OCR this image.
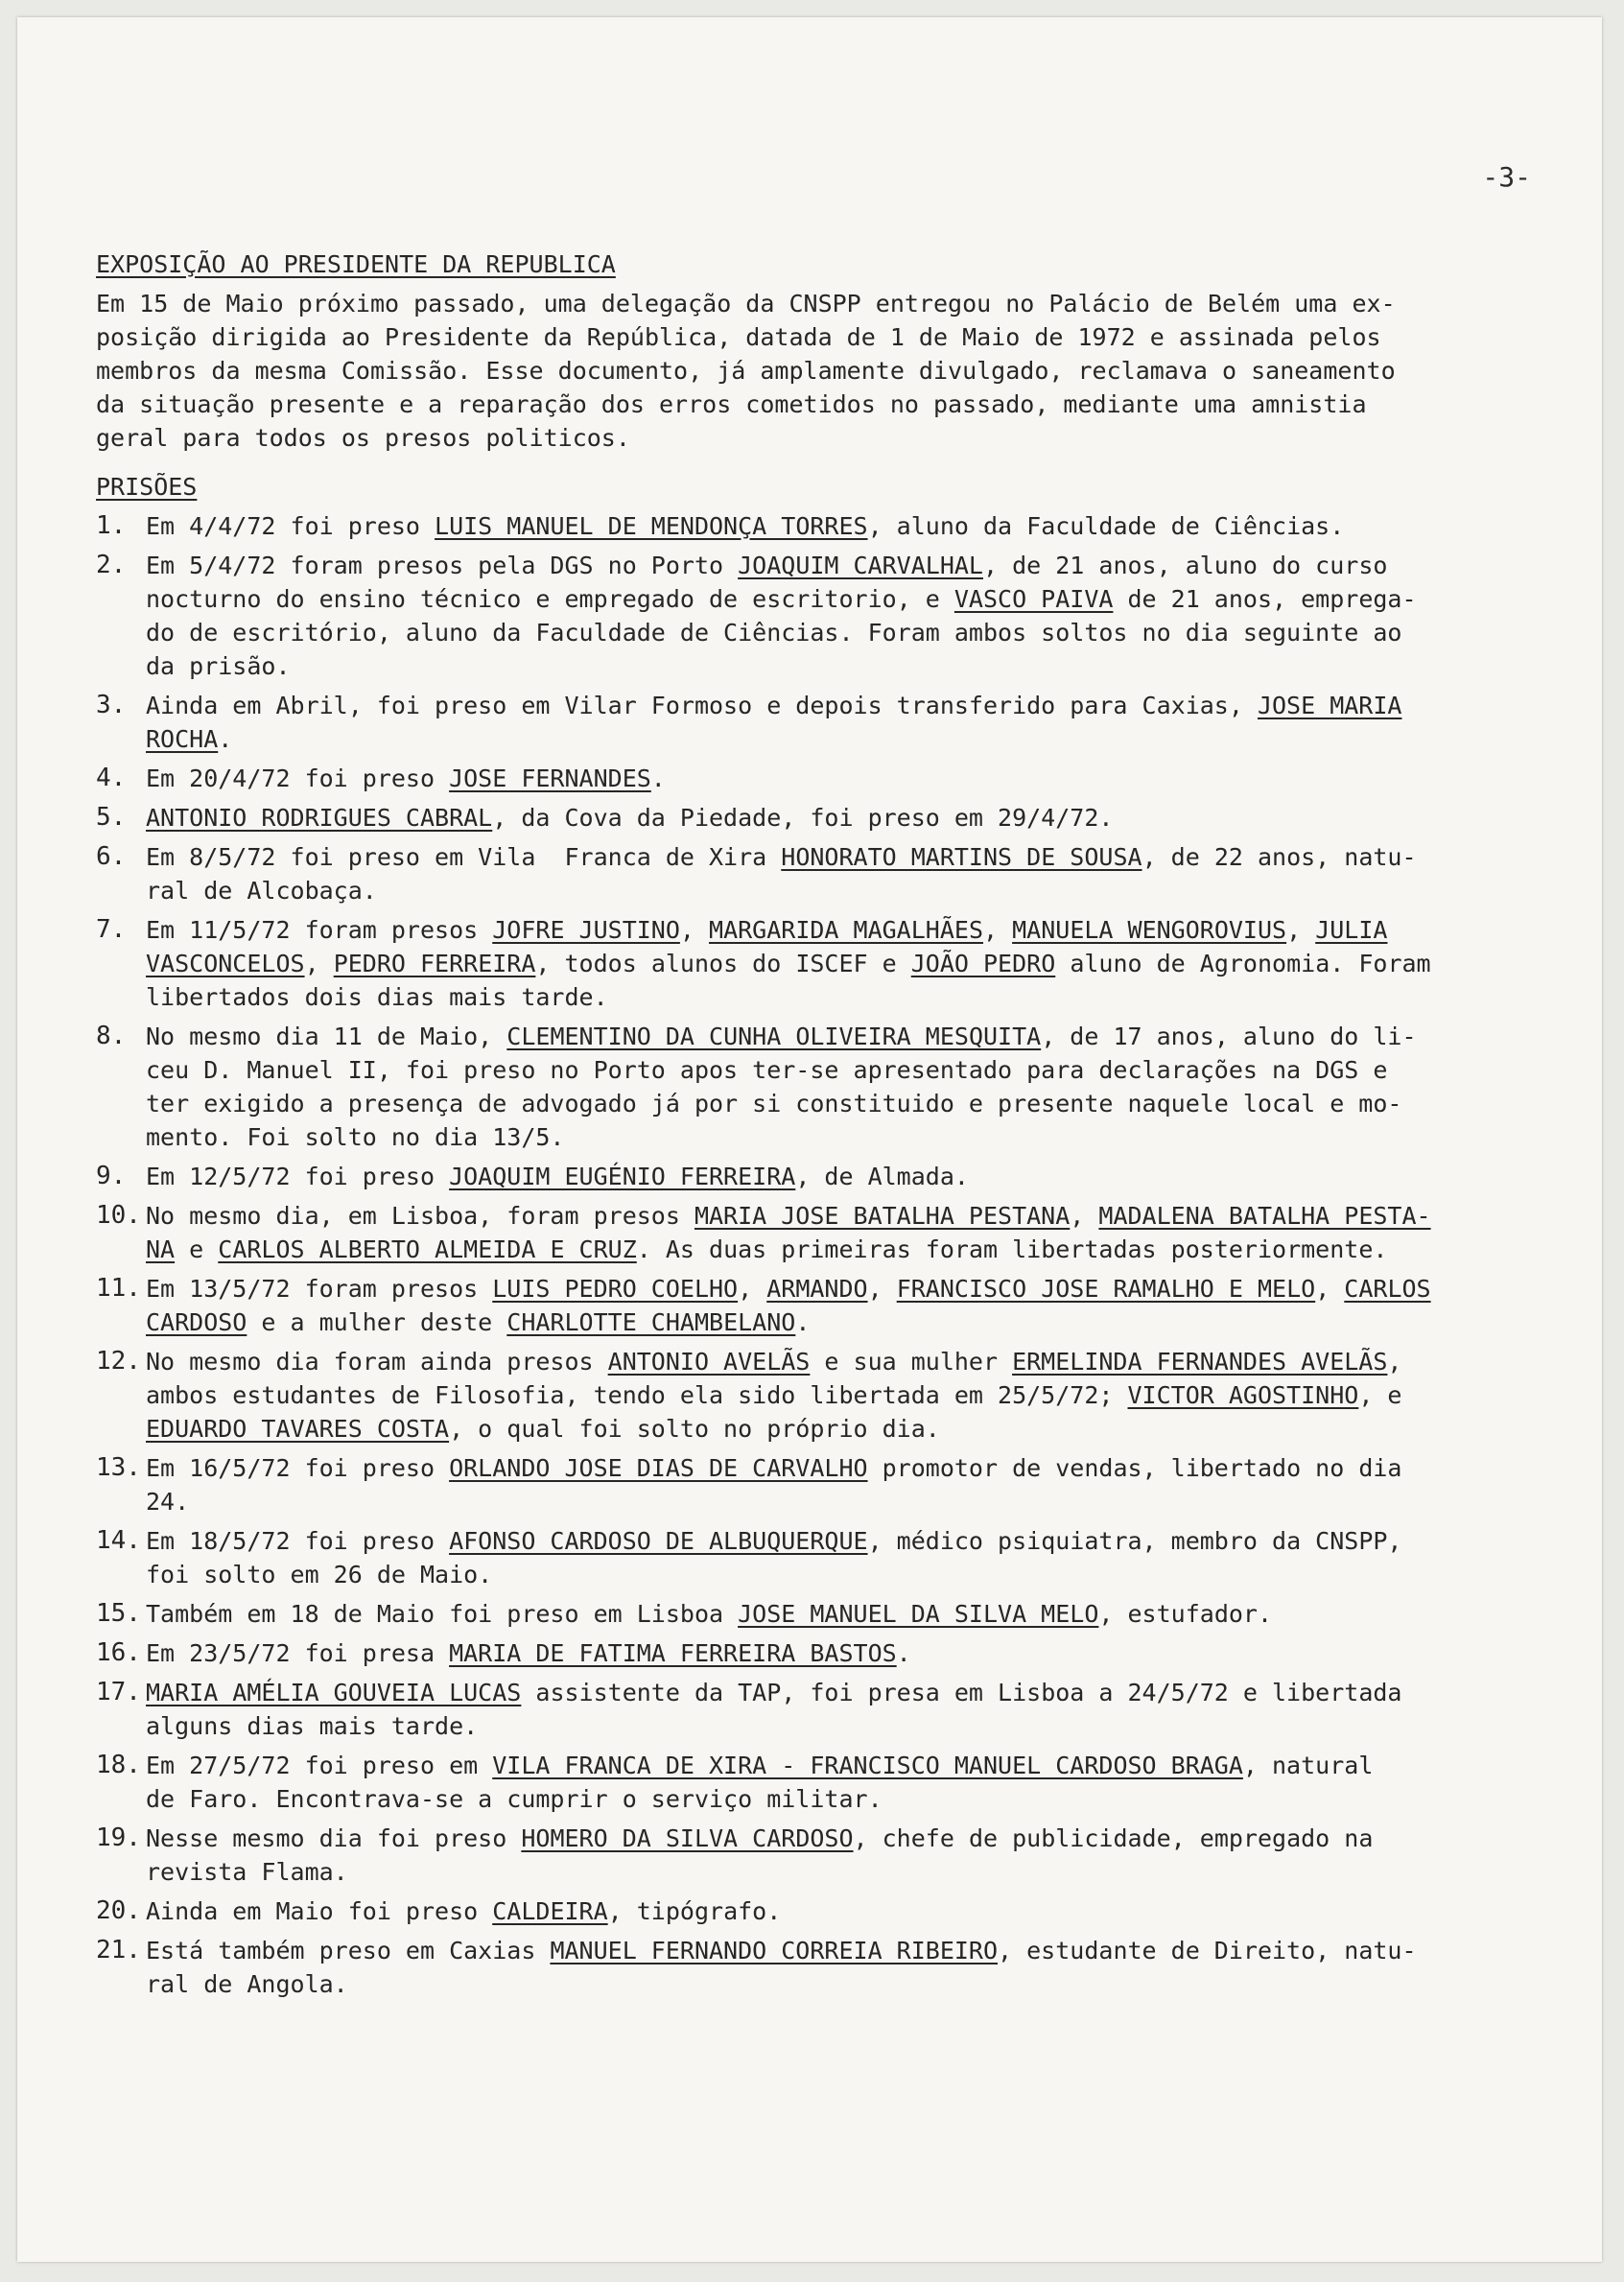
-3-
EXPOSIÇÃO AO PRESIDENTE DA REPUBLICA

Em 15 de Maio próximo passado, uma delegação da CNSPP entregou no Palácio de Belém uma ex-
posição dirigida ao Presidente da República, datada de 1 de Maio de 1972 e assinada pelos
membros da mesma Comissão. Esse documento, já amplamente divulgado, reclamava o saneamento
da situação presente e a reparação dos erros cometidos no passado, mediante uma amnistia
geral para todos os presos politicos.

PRISÕES
1. Em 4/4/72 foi preso LUIS MANUEL DE MENDONÇA TORRES, aluno da Faculdade de Ciências.
2. Em 5/4/72 foram presos pela DGS no Porto JOAQUIM CARVALHAL, de 21 anos, aluno do curso
nocturno do ensino técnico e empregado de escritorio, e VASCO PAIVA de 21 anos, emprega-
do de escritório, aluno da Faculdade de Ciências. Foram ambos soltos no dia seguinte ao
da prisão.
3. Ainda em Abril, foi preso em Vilar Formoso e depois transferido para Caxias, JOSE MARIA
ROCHA.
4. Em 20/4/72 foi preso JOSE FERNANDES.
5. ANTONIO RODRIGUES CABRAL, da Cova da Piedade, foi preso em 29/4/72.
6. Em 8/5/72 foi preso em Vila  Franca de Xira HONORATO MARTINS DE SOUSA, de 22 anos, natu-
ral de Alcobaça.
7. Em 11/5/72 foram presos JOFRE JUSTINO, MARGARIDA MAGALHÃES, MANUELA WENGOROVIUS, JULIA
VASCONCELOS, PEDRO FERREIRA, todos alunos do ISCEF e JOÃO PEDRO aluno de Agronomia. Foram
libertados dois dias mais tarde.
8. No mesmo dia 11 de Maio, CLEMENTINO DA CUNHA OLIVEIRA MESQUITA, de 17 anos, aluno do li-
ceu D. Manuel II, foi preso no Porto apos ter-se apresentado para declarações na DGS e
ter exigido a presença de advogado já por si constituido e presente naquele local e mo-
mento. Foi solto no dia 13/5.
9. Em 12/5/72 foi preso JOAQUIM EUGÉNIO FERREIRA, de Almada.
10. No mesmo dia, em Lisboa, foram presos MARIA JOSE BATALHA PESTANA, MADALENA BATALHA PESTA-
NA e CARLOS ALBERTO ALMEIDA E CRUZ. As duas primeiras foram libertadas posteriormente.
11. Em 13/5/72 foram presos LUIS PEDRO COELHO, ARMANDO, FRANCISCO JOSE RAMALHO E MELO, CARLOS
CARDOSO e a mulher deste CHARLOTTE CHAMBELANO.
12. No mesmo dia foram ainda presos ANTONIO AVELÃS e sua mulher ERMELINDA FERNANDES AVELÃS,
ambos estudantes de Filosofia, tendo ela sido libertada em 25/5/72; VICTOR AGOSTINHO, e
EDUARDO TAVARES COSTA, o qual foi solto no próprio dia.
13. Em 16/5/72 foi preso ORLANDO JOSE DIAS DE CARVALHO promotor de vendas, libertado no dia
24.
14. Em 18/5/72 foi preso AFONSO CARDOSO DE ALBUQUERQUE, médico psiquiatra, membro da CNSPP,
foi solto em 26 de Maio.
15. Também em 18 de Maio foi preso em Lisboa JOSE MANUEL DA SILVA MELO, estufador.
16. Em 23/5/72 foi presa MARIA DE FATIMA FERREIRA BASTOS.
17. MARIA AMÉLIA GOUVEIA LUCAS assistente da TAP, foi presa em Lisboa a 24/5/72 e libertada
alguns dias mais tarde.
18. Em 27/5/72 foi preso em VILA FRANCA DE XIRA - FRANCISCO MANUEL CARDOSO BRAGA, natural
de Faro. Encontrava-se a cumprir o serviço militar.
19. Nesse mesmo dia foi preso HOMERO DA SILVA CARDOSO, chefe de publicidade, empregado na
revista Flama.
20. Ainda em Maio foi preso CALDEIRA, tipógrafo.
21. Está também preso em Caxias MANUEL FERNANDO CORREIA RIBEIRO, estudante de Direito, natu-
ral de Angola.
